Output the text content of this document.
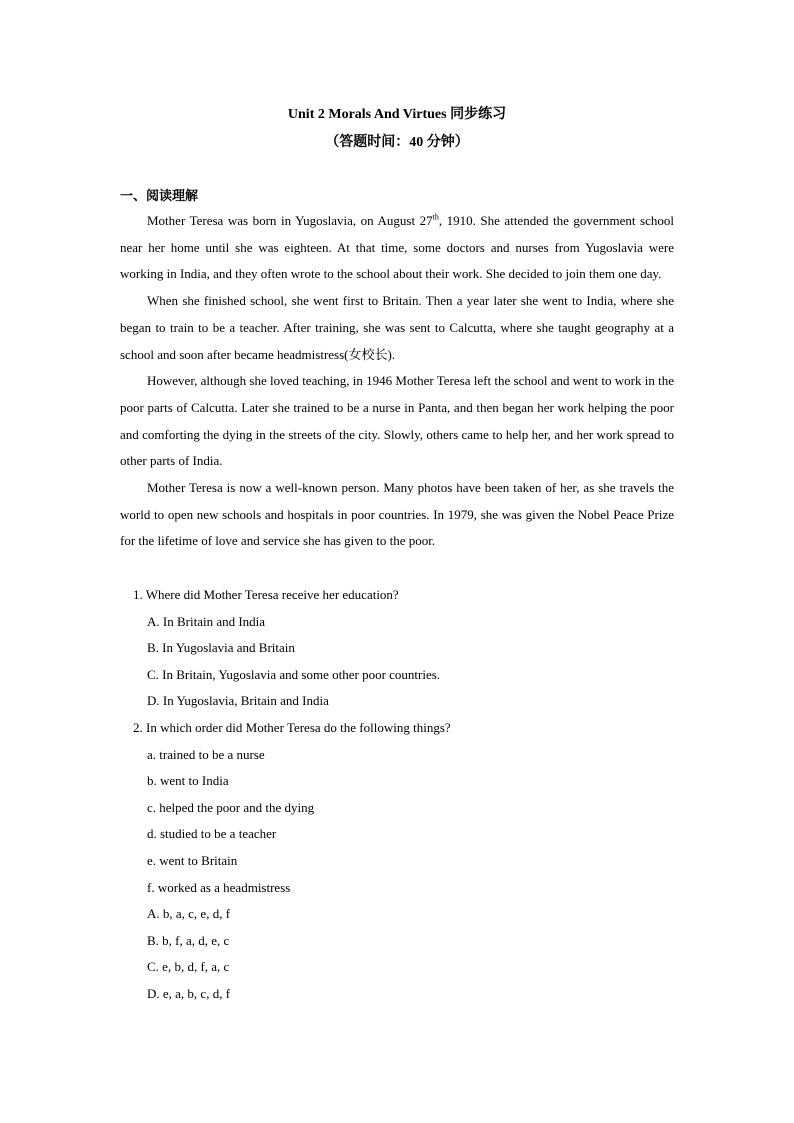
Unit 2 Morals And Virtues 同步练习
（答题时间：40 分钟）
一、阅读理解

Mother Teresa was born in Yugoslavia, on August 27th, 1910. She attended the government school near her home until she was eighteen. At that time, some doctors and nurses from Yugoslavia were working in India, and they often wrote to the school about their work. She decided to join them one day.

When she finished school, she went first to Britain. Then a year later she went to India, where she began to train to be a teacher. After training, she was sent to Calcutta, where she taught geography at a school and soon after became headmistress(女校长).

However, although she loved teaching, in 1946 Mother Teresa left the school and went to work in the poor parts of Calcutta. Later she trained to be a nurse in Panta, and then began her work helping the poor and comforting the dying in the streets of the city. Slowly, others came to help her, and her work spread to other parts of India.

Mother Teresa is now a well-known person. Many photos have been taken of her, as she travels the world to open new schools and hospitals in poor countries. In 1979, she was given the Nobel Peace Prize for the lifetime of love and service she has given to the poor.

1. Where did Mother Teresa receive her education?

A. In Britain and India

B. In Yugoslavia and Britain

C. In Britain, Yugoslavia and some other poor countries.

D. In Yugoslavia, Britain and India

2. In which order did Mother Teresa do the following things?

a. trained to be a nurse

b. went to India

c. helped the poor and the dying

d. studied to be a teacher

e. went to Britain

f. worked as a headmistress

A. b, a, c, e, d, f

B. b, f, a, d, e, c

C. e, b, d, f, a, c

D. e, a, b, c, d, f
